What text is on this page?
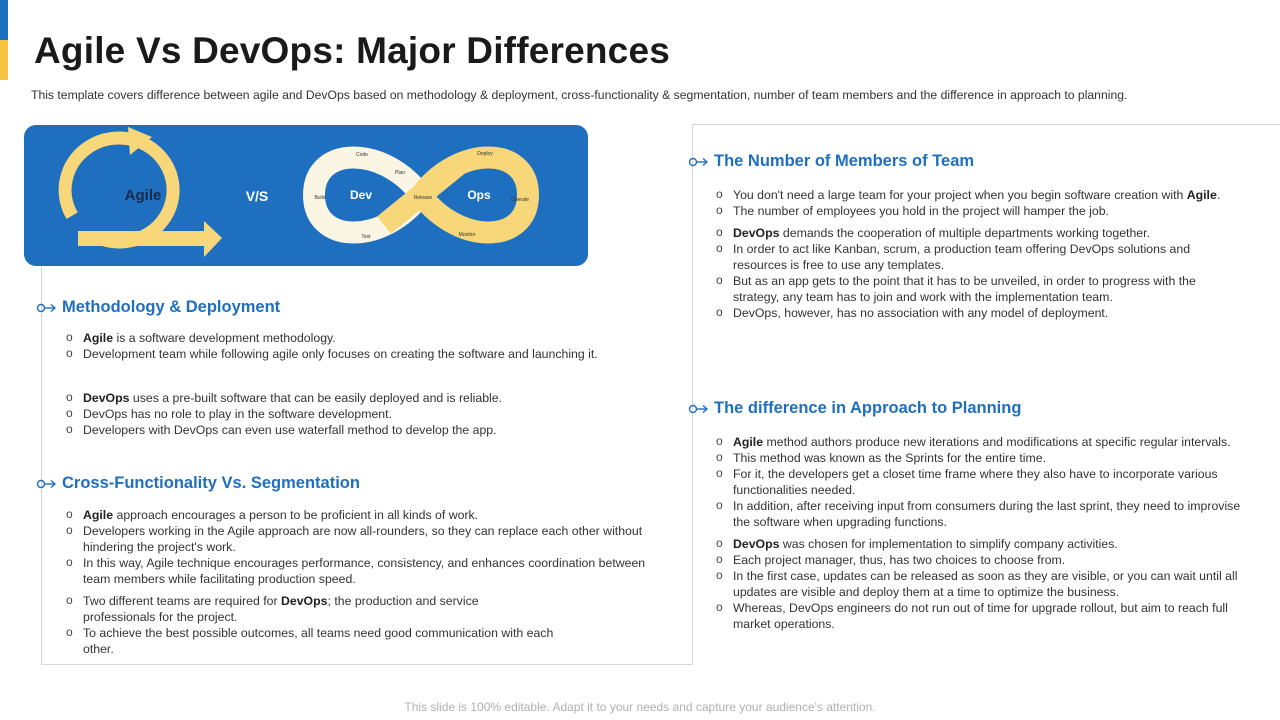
Agile Vs DevOps: Major Differences

This template covers difference between agile and DevOps based on methodology & deployment, cross-functionality & segmentation, number of team members and the difference in approach to planning.

Agile	V/S	Dev	Ops
Code
Plan
Build
Test
Release
Deploy
Operate
Monitor
Methodology & Deployment
o Agile is a software development methodology.
o Development team while following agile only focuses on creating the software and launching it.
o DevOps uses a pre-built software that can be easily deployed and is reliable.
o DevOps has no role to play in the software development.
o Developers with DevOps can even use waterfall method to develop the app.
Cross-Functionality Vs. Segmentation
o Agile approach encourages a person to be proficient in all kinds of work.
o Developers working in the Agile approach are now all-rounders, so they can replace each other without hindering the project's work.
o In this way, Agile technique encourages performance, consistency, and enhances coordination between team members while facilitating production speed.
o Two different teams are required for DevOps; the production and service professionals for the project.
o To achieve the best possible outcomes, all teams need good communication with each other.
The Number of Members of Team
o You don't need a large team for your project when you begin software creation with Agile.
o The number of employees you hold in the project will hamper the job.
o DevOps demands the cooperation of multiple departments working together.
o In order to act like Kanban, scrum, a production team offering DevOps solutions and resources is free to use any templates.
o But as an app gets to the point that it has to be unveiled, in order to progress with the strategy, any team has to join and work with the implementation team.
o DevOps, however, has no association with any model of deployment.
The difference in Approach to Planning
o Agile method authors produce new iterations and modifications at specific regular intervals.
o This method was known as the Sprints for the entire time.
o For it, the developers get a closet time frame where they also have to incorporate various functionalities needed.
o In addition, after receiving input from consumers during the last sprint, they need to improvise the software when upgrading functions.
o DevOps was chosen for implementation to simplify company activities.
o Each project manager, thus, has two choices to choose from.
o In the first case, updates can be released as soon as they are visible, or you can wait until all updates are visible and deploy them at a time to optimize the business.
o Whereas, DevOps engineers do not run out of time for upgrade rollout, but aim to reach full market operations.
This slide is 100% editable. Adapt it to your needs and capture your audience's attention.
